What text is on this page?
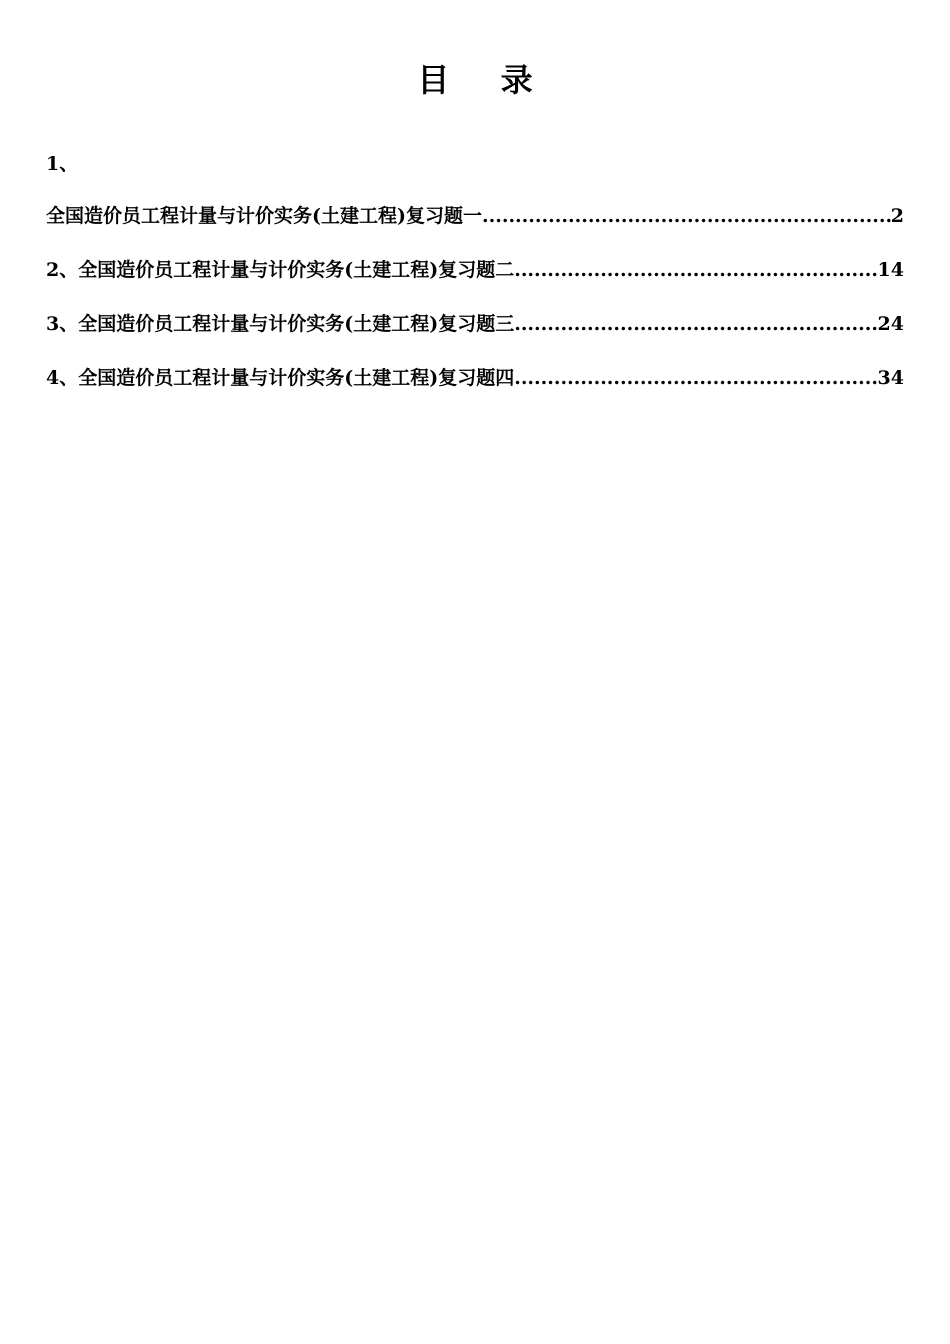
目 录
1、
全国造价员工程计量与计价实务(土建工程)复习题一 .....	2
2、全国造价员工程计量与计价实务(土建工程)复习题二 .....	14
3、全国造价员工程计量与计价实务(土建工程)复习题三 .....	24
4、全国造价员工程计量与计价实务(土建工程)复习题四 .....	34
